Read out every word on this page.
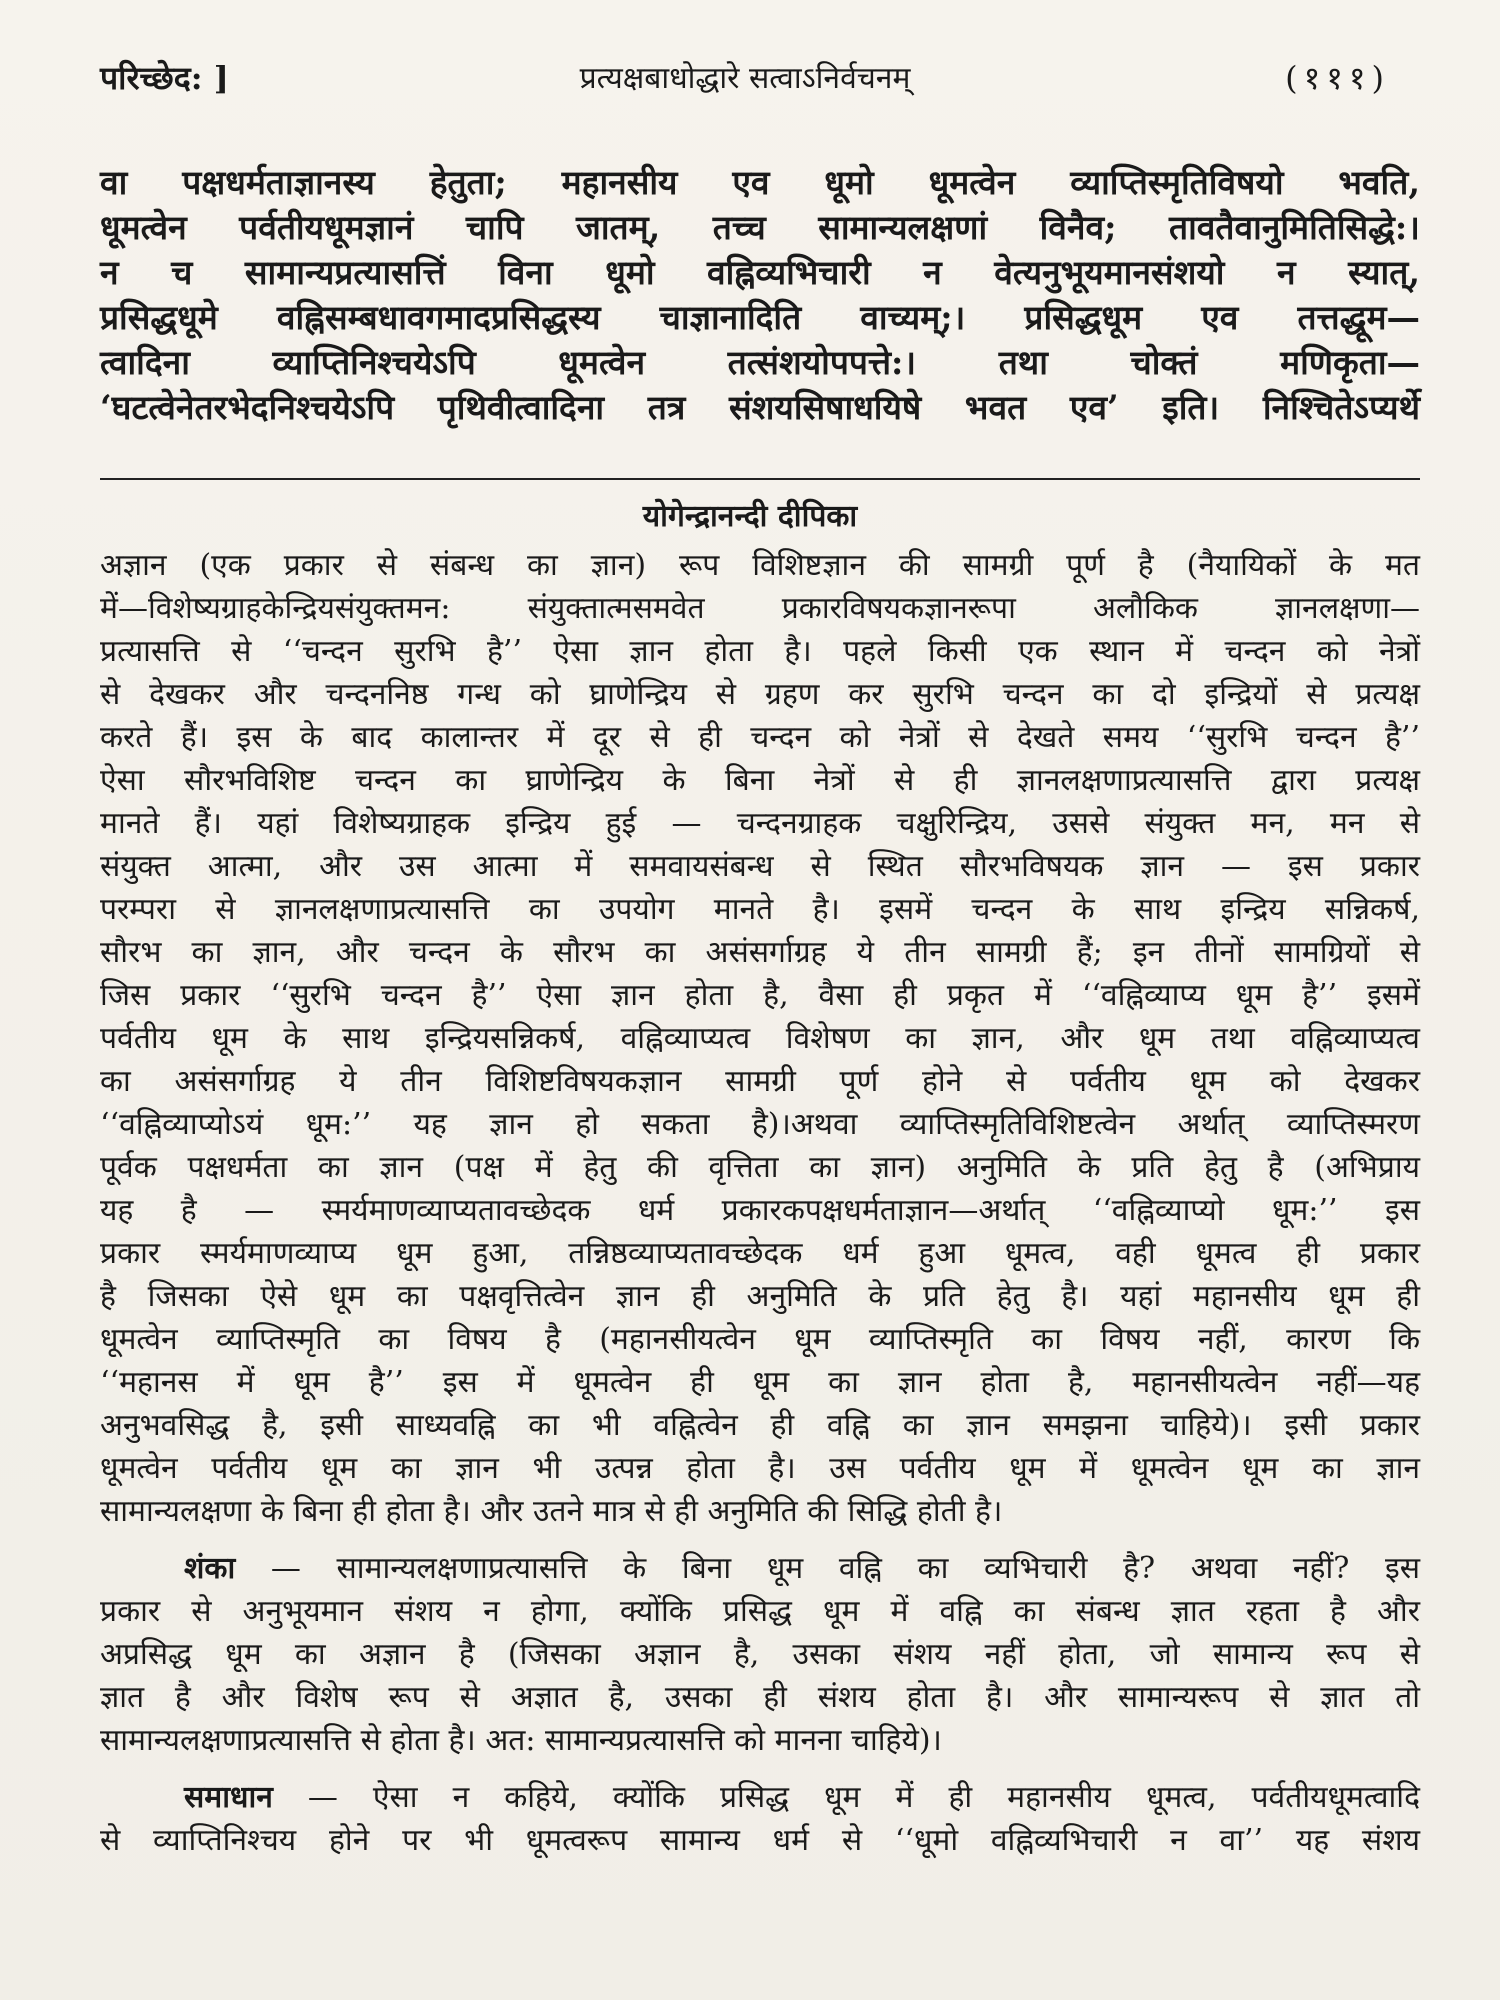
परिच्छेद: ]	प्रत्यक्षबाधोद्धारे सत्वाऽनिर्वचनम्	(१११)

वा पक्षधर्मताज्ञानस्य हेतुता; महानसीय एव धूमो धूमत्वेन व्याप्तिस्मृतिविषयो भवति,

धूमत्वेन पर्वतीयधूमज्ञानं चापि जातम्, तच्च सामान्यलक्षणां विनैव; तावतैवानुमितिसिद्धे:।

न च सामान्यप्रत्यासत्तिं विना धूमो वह्निव्यभिचारी न वेत्यनुभूयमानसंशयो न स्यात्,

प्रसिद्धधूमे वह्निसम्बधावगमादप्रसिद्धस्य चाज्ञानादिति वाच्यम्;। प्रसिद्धधूम एव तत्तद्धूम—

त्वादिना व्याप्तिनिश्चयेऽपि धूमत्वेन तत्संशयोपपत्ते:। तथा चोक्तं मणिकृता—

‘घटत्वेनेतरभेदनिश्चयेऽपि पृथिवीत्वादिना तत्र संशयसिषाधयिषे भवत एव’ इति। निश्चितेऽप्यर्थे

योगेन्द्रानन्दी दीपिका

अज्ञान (एक प्रकार से संबन्ध का ज्ञान) रूप विशिष्टज्ञान की सामग्री पूर्ण है (नैयायिकों के मत

में—विशेष्यग्राहकेन्द्रियसंयुक्तमन: संयुक्तात्मसमवेत प्रकारविषयकज्ञानरूपा अलौकिक ज्ञानलक्षणा—

प्रत्यासत्ति से ‘‘चन्दन सुरभि है’’ ऐसा ज्ञान होता है। पहले किसी एक स्थान में चन्दन को नेत्रों

से देखकर और चन्दननिष्ठ गन्ध को घ्राणेन्द्रिय से ग्रहण कर सुरभि चन्दन का दो इन्द्रियों से प्रत्यक्ष

करते हैं। इस के बाद कालान्तर में दूर से ही चन्दन को नेत्रों से देखते समय ‘‘सुरभि चन्दन है’’

ऐसा सौरभविशिष्ट चन्दन का घ्राणेन्द्रिय के बिना नेत्रों से ही ज्ञानलक्षणाप्रत्यासत्ति द्वारा प्रत्यक्ष

मानते हैं। यहां विशेष्यग्राहक इन्द्रिय हुई — चन्दनग्राहक चक्षुरिन्द्रिय, उससे संयुक्त मन, मन से

संयुक्त आत्मा, और उस आत्मा में समवायसंबन्ध से स्थित सौरभविषयक ज्ञान — इस प्रकार

परम्परा से ज्ञानलक्षणाप्रत्यासत्ति का उपयोग मानते है। इसमें चन्दन के साथ इन्द्रिय सन्निकर्ष,

सौरभ का ज्ञान, और चन्दन के सौरभ का असंसर्गाग्रह ये तीन सामग्री हैं; इन तीनों सामग्रियों से

जिस प्रकार ‘‘सुरभि चन्दन है’’ ऐसा ज्ञान होता है, वैसा ही प्रकृत में ‘‘वह्निव्याप्य धूम है’’ इसमें

पर्वतीय धूम के साथ इन्द्रियसन्निकर्ष, वह्निव्याप्यत्व विशेषण का ज्ञान, और धूम तथा वह्निव्याप्यत्व

का असंसर्गाग्रह ये तीन विशिष्टविषयकज्ञान सामग्री पूर्ण होने से पर्वतीय धूम को देखकर

‘‘वह्निव्याप्योऽयं धूम:’’ यह ज्ञान हो सकता है)।अथवा व्याप्तिस्मृतिविशिष्टत्वेन अर्थात् व्याप्तिस्मरण

पूर्वक पक्षधर्मता का ज्ञान (पक्ष में हेतु की वृत्तिता का ज्ञान) अनुमिति के प्रति हेतु है (अभिप्राय

यह है — स्मर्यमाणव्याप्यतावच्छेदक धर्म प्रकारकपक्षधर्मताज्ञान—अर्थात् ‘‘वह्निव्याप्यो धूम:’’ इस

प्रकार स्मर्यमाणव्याप्य धूम हुआ, तन्निष्ठव्याप्यतावच्छेदक धर्म हुआ धूमत्व, वही धूमत्व ही प्रकार

है जिसका ऐसे धूम का पक्षवृत्तित्वेन ज्ञान ही अनुमिति के प्रति हेतु है। यहां महानसीय धूम ही

धूमत्वेन व्याप्तिस्मृति का विषय है (महानसीयत्वेन धूम व्याप्तिस्मृति का विषय नहीं, कारण कि

‘‘महानस में धूम है’’ इस में धूमत्वेन ही धूम का ज्ञान होता है, महानसीयत्वेन नहीं—यह

अनुभवसिद्ध है, इसी साध्यवह्नि का भी वह्नित्वेन ही वह्नि का ज्ञान समझना चाहिये)। इसी प्रकार

धूमत्वेन पर्वतीय धूम का ज्ञान भी उत्पन्न होता है। उस पर्वतीय धूम में धूमत्वेन धूम का ज्ञान

सामान्यलक्षणा के बिना ही होता है। और उतने मात्र से ही अनुमिति की सिद्धि होती है।

शंका — सामान्यलक्षणाप्रत्यासत्ति के बिना धूम वह्नि का व्यभिचारी है? अथवा नहीं? इस

प्रकार से अनुभूयमान संशय न होगा, क्योंकि प्रसिद्ध धूम में वह्नि का संबन्ध ज्ञात रहता है और

अप्रसिद्ध धूम का अज्ञान है (जिसका अज्ञान है, उसका संशय नहीं होता, जो सामान्य रूप से

ज्ञात है और विशेष रूप से अज्ञात है, उसका ही संशय होता है। और सामान्यरूप से ज्ञात तो

सामान्यलक्षणाप्रत्यासत्ति से होता है। अत: सामान्यप्रत्यासत्ति को मानना चाहिये)।

समाधान — ऐसा न कहिये, क्योंकि प्रसिद्ध धूम में ही महानसीय धूमत्व, पर्वतीयधूमत्वादि

से व्याप्तिनिश्चय होने पर भी धूमत्वरूप सामान्य धर्म से ‘‘धूमो वह्निव्यभिचारी न वा’’ यह संशय
